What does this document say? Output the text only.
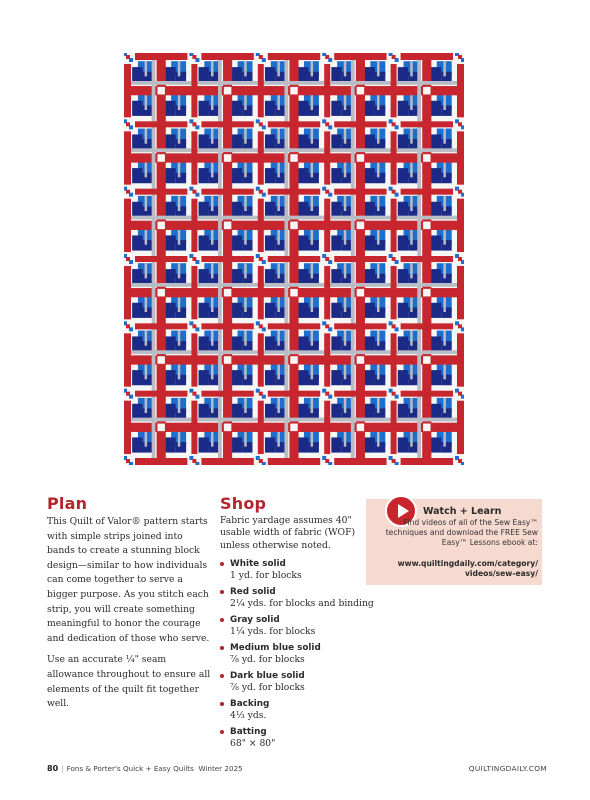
Plan

This Quilt of Valor® pattern starts with simple strips joined into bands to create a stunning block design—similar to how individuals can come together to serve a bigger purpose. As you stitch each strip, you will create something meaningful to honor the courage and dedication of those who serve.

Use an accurate ¼" seam allowance throughout to ensure all elements of the quilt fit together well.

Shop

Fabric yardage assumes 40" usable width of fabric (WOF) unless otherwise noted.

White solid
1 yd. for blocks
Red solid
2¼ yds. for blocks and binding
Gray solid
1¼ yds. for blocks
Medium blue solid
⅞ yd. for blocks
Dark blue solid
⅞ yd. for blocks
Backing
4⅓ yds.
Batting
68" × 80"
Watch + Learn
Find videos of all of the Sew Easy™ techniques and download the FREE Sew Easy™ Lessons ebook at:
www.quiltingdaily.com/category/ videos/sew-easy/
80 | Fons & Porter's Quick + Easy Quilts Winter 2025	QUILTINGDAILY.COM
